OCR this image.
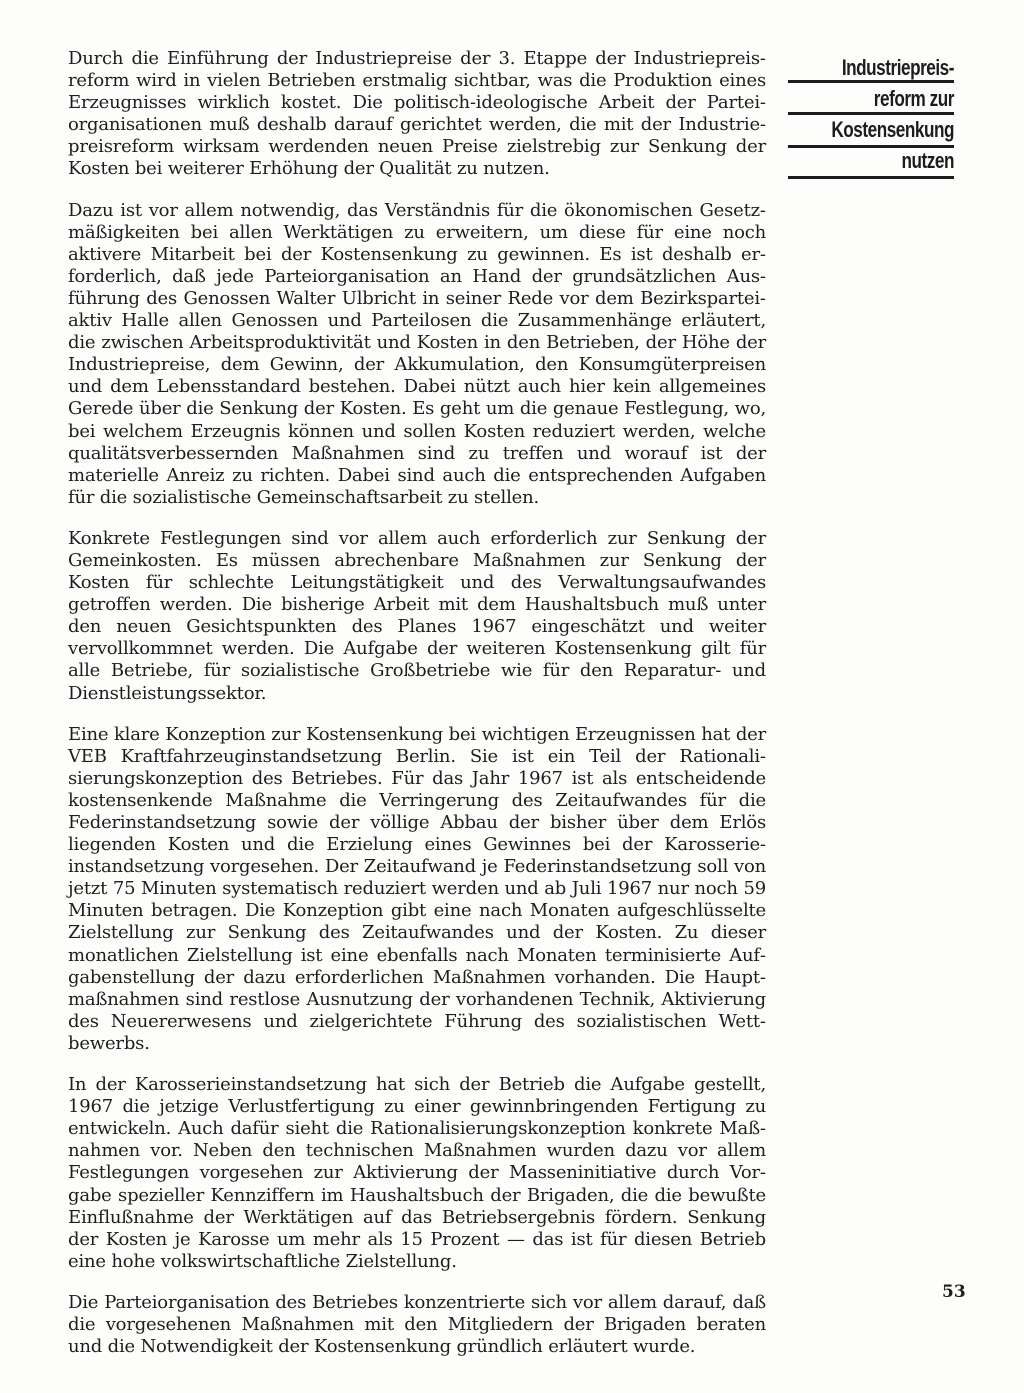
Industriepreis-
reform zur
Kostensenkung
nutzen

Durch die Einführung der Industriepreise der 3. Etappe der Industriepreisreform wird in vielen Betrieben erstmalig sichtbar, was die Produktion eines Erzeugnisses wirklich kostet. Die politisch-ideologische Arbeit der Parteiorganisationen muß deshalb darauf gerichtet werden, die mit der Industriepreisreform wirksam werdenden neuen Preise zielstrebig zur Senkung der Kosten bei weiterer Erhöhung der Qualität zu nutzen.

Dazu ist vor allem notwendig, das Verständnis für die ökonomischen Gesetzmäßigkeiten bei allen Werktätigen zu erweitern, um diese für eine noch aktivere Mitarbeit bei der Kostensenkung zu gewinnen. Es ist deshalb erforderlich, daß jede Parteiorganisation an Hand der grundsätzlichen Ausführung des Genossen Walter Ulbricht in seiner Rede vor dem Bezirksparteiaktiv Halle allen Genossen und Parteilosen die Zusammenhänge erläutert, die zwischen Arbeitsproduktivität und Kosten in den Betrieben, der Höhe der Industriepreise, dem Gewinn, der Akkumulation, den Konsumgüterpreisen und dem Lebensstandard bestehen. Dabei nützt auch hier kein allgemeines Gerede über die Senkung der Kosten. Es geht um die genaue Festlegung, wo, bei welchem Erzeugnis können und sollen Kosten reduziert werden, welche qualitätsverbessernden Maßnahmen sind zu treffen und worauf ist der materielle Anreiz zu richten. Dabei sind auch die entsprechenden Aufgaben für die sozialistische Gemeinschaftsarbeit zu stellen.

Konkrete Festlegungen sind vor allem auch erforderlich zur Senkung der Gemeinkosten. Es müssen abrechenbare Maßnahmen zur Senkung der Kosten für schlechte Leitungstätigkeit und des Verwaltungsaufwandes getroffen werden. Die bisherige Arbeit mit dem Haushaltsbuch muß unter den neuen Gesichtspunkten des Planes 1967 eingeschätzt und weiter vervollkommnet werden. Die Aufgabe der weiteren Kostensenkung gilt für alle Betriebe, für sozialistische Großbetriebe wie für den Reparatur- und Dienstleistungssektor.

Eine klare Konzeption zur Kostensenkung bei wichtigen Erzeugnissen hat der VEB Kraftfahrzeuginstandsetzung Berlin. Sie ist ein Teil der Rationalisierungskonzeption des Betriebes. Für das Jahr 1967 ist als entscheidende kostensenkende Maßnahme die Verringerung des Zeitaufwandes für die Federinstandsetzung sowie der völlige Abbau der bisher über dem Erlös liegenden Kosten und die Erzielung eines Gewinnes bei der Karosserieinstandsetzung vorgesehen. Der Zeitaufwand je Federinstandsetzung soll von jetzt 75 Minuten systematisch reduziert werden und ab Juli 1967 nur noch 59 Minuten betragen. Die Konzeption gibt eine nach Monaten aufgeschlüsselte Zielstellung zur Senkung des Zeitaufwandes und der Kosten. Zu dieser monatlichen Zielstellung ist eine ebenfalls nach Monaten terminisierte Aufgabenstellung der dazu erforderlichen Maßnahmen vorhanden. Die Hauptmaßnahmen sind restlose Ausnutzung der vorhandenen Technik, Aktivierung des Neuererwesens und zielgerichtete Führung des sozialistischen Wettbewerbs.

In der Karosserieinstandsetzung hat sich der Betrieb die Aufgabe gestellt, 1967 die jetzige Verlustfertigung zu einer gewinnbringenden Fertigung zu entwickeln. Auch dafür sieht die Rationalisierungskonzeption konkrete Maßnahmen vor. Neben den technischen Maßnahmen wurden dazu vor allem Festlegungen vorgesehen zur Aktivierung der Masseninitiative durch Vorgabe spezieller Kennziffern im Haushaltsbuch der Brigaden, die die bewußte Einflußnahme der Werktätigen auf das Betriebsergebnis fördern. Senkung der Kosten je Karosse um mehr als 15 Prozent — das ist für diesen Betrieb eine hohe volkswirtschaftliche Zielstellung.

Die Parteiorganisation des Betriebes konzentrierte sich vor allem darauf, daß die vorgesehenen Maßnahmen mit den Mitgliedern der Brigaden beraten und die Notwendigkeit der Kostensenkung gründlich erläutert wurde.

53
